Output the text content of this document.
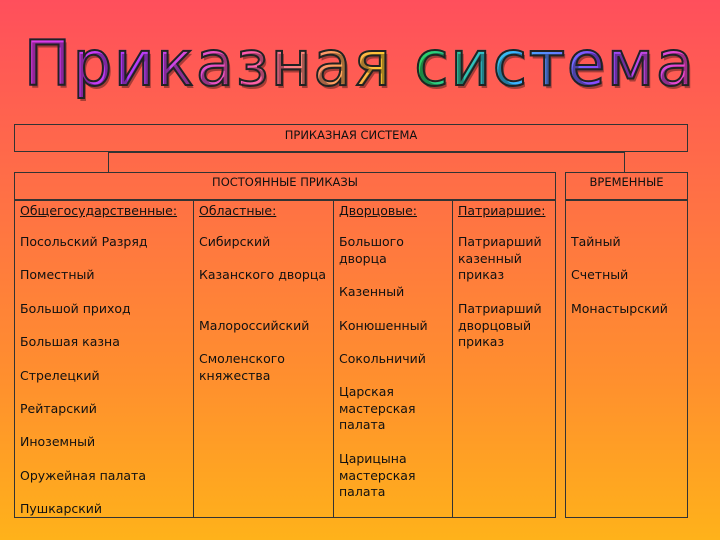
Приказная система
ПРИКАЗНАЯ СИСТЕМА
ПОСТОЯННЫЕ ПРИКАЗЫ	ВРЕМЕННЫЕ
Общегосударственные:
Посольский Разряд
Поместный
Большой приход
Большая казна
Стрелецкий
Рейтарский
Иноземный
Оружейная палата
Пушкарский
Областные:
Сибирский
Казанского дворца
Малороссийский
Смоленского княжества
Дворцовые:
Большого дворца
Казенный
Конюшенный
Сокольничий
Царская мастерская палата
Царицына мастерская палата
Патриаршие:
Патриарший казенный приказ
Патриарший дворцовый приказ
Тайный
Счетный
Монастырский
